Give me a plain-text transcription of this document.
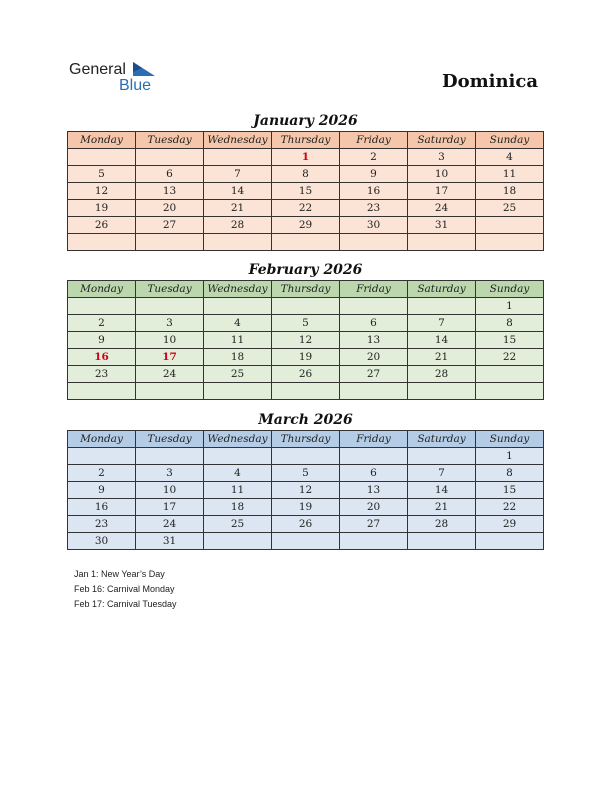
General
Blue	Dominica
January 2026
Monday	Tuesday	Wednesday	Thursday	Friday	Saturday	Sunday
			1	2	3	4
5	6	7	8	9	10	11
12	13	14	15	16	17	18
19	20	21	22	23	24	25
26	27	28	29	30	31	

February 2026
Monday	Tuesday	Wednesday	Thursday	Friday	Saturday	Sunday
						1
2	3	4	5	6	7	8
9	10	11	12	13	14	15
16	17	18	19	20	21	22
23	24	25	26	27	28	

March 2026
Monday	Tuesday	Wednesday	Thursday	Friday	Saturday	Sunday
						1
2	3	4	5	6	7	8
9	10	11	12	13	14	15
16	17	18	19	20	21	22
23	24	25	26	27	28	29
30	31					
Jan 1: New Year’s Day
Feb 16: Carnival Monday
Feb 17: Carnival Tuesday
